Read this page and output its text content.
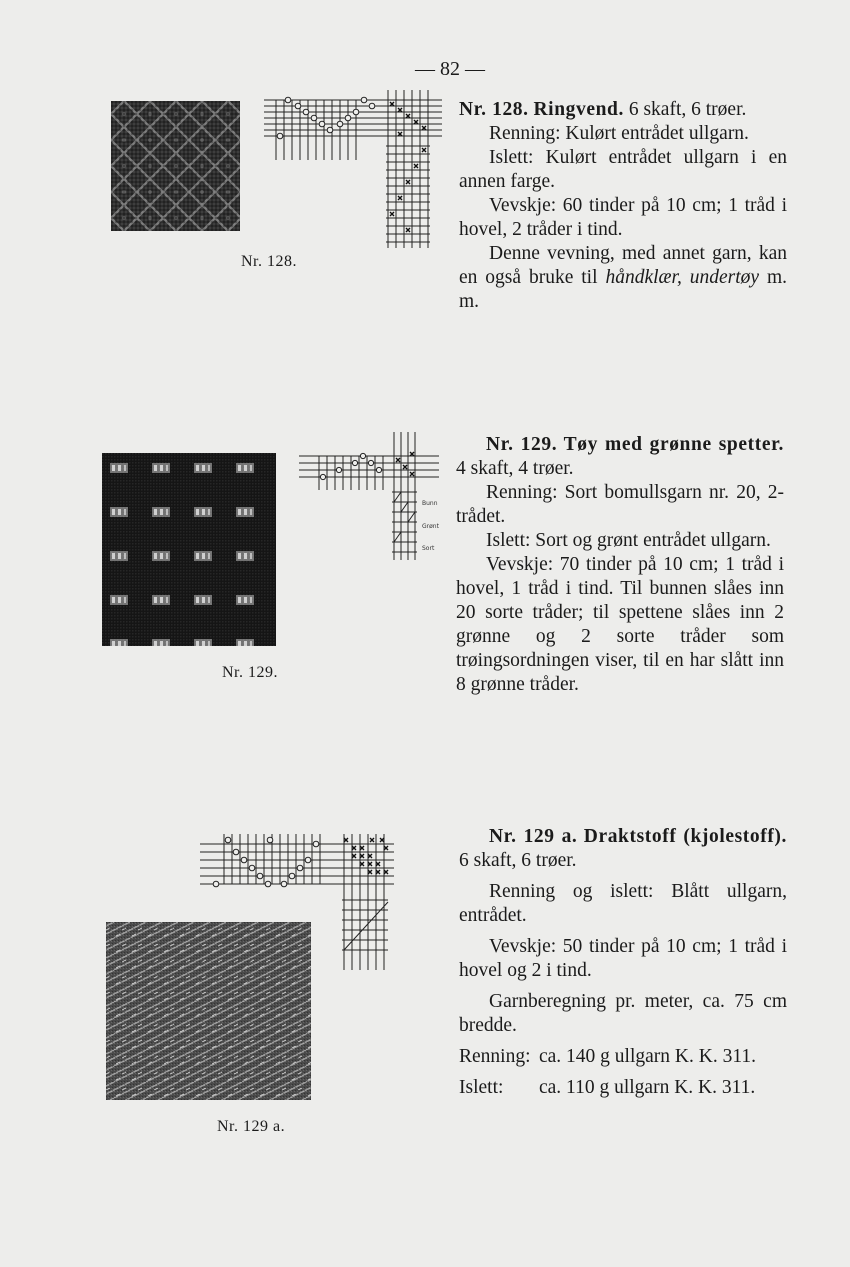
— 82 —
Nr. 128.

Nr. 128. Ringvend. 6 skaft, 6 trøer.

Renning: Kulørt entrådet ullgarn.

Islett: Kulørt entrådet ullgarn i en annen farge.

Vevskje: 60 tinder på 10 cm; 1 tråd i hovel, 2 tråder i tind.

Denne vevning, med annet garn, kan en også bruke til håndklær, undertøy m. m.

Nr. 129.
Bunn
Grønt
Sort

Nr. 129. Tøy med grønne spetter. 4 skaft, 4 trøer.

Renning: Sort bomullsgarn nr. 20, 2-trådet.

Islett: Sort og grønt entrådet ullgarn.

Vevskje: 70 tinder på 10 cm; 1 tråd i hovel, 1 tråd i tind. Til bunnen slåes inn 20 sorte tråder; til spettene slåes inn 2 grønne og 2 sorte tråder som trøingsordningen viser, til en har slått inn 8 grønne tråder.

Nr. 129 a.

Nr. 129 a. Draktstoff (kjolestoff). 6 skaft, 6 trøer.

Renning og islett: Blått ullgarn, entrådet.

Vevskje: 50 tinder på 10 cm; 1 tråd i hovel og 2 i tind.

Garnberegning pr. meter, ca. 75 cm bredde.

Renning: ca. 140 g ullgarn K. K. 311.
Islett:	ca. 110 g ullgarn K. K. 311.
